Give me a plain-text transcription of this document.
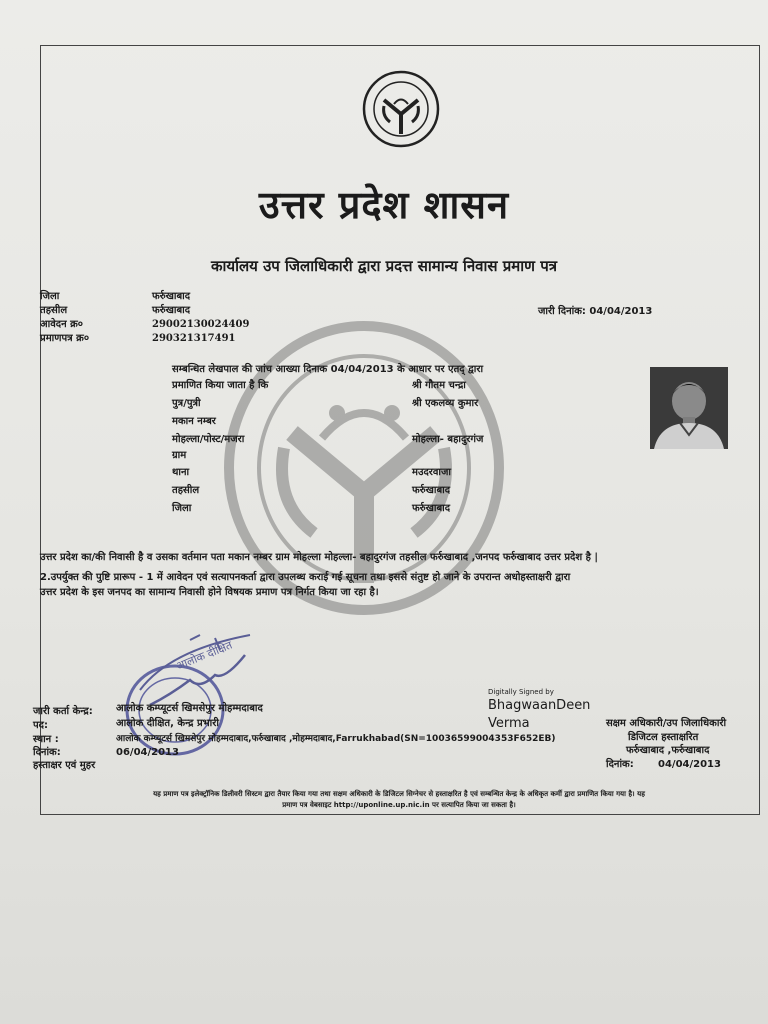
उत्तर प्रदेश शासन
कार्यालय उप जिलाधिकारी द्वारा प्रदत्त सामान्य निवास प्रमाण पत्र
जिला	फर्रुखाबाद
तहसील	फर्रुखाबाद
आवेदन क्र०	29002130024409
प्रमाणपत्र क्र०	290321317491
जारी दिनांक: 04/04/2013
सम्बन्धित लेखपाल की जांच आख्या दिनाक 04/04/2013 के आधार पर एतद् द्वारा
प्रमाणित किया जाता है कि	श्री गौतम चन्द्रा
पुत्र/पुत्री	श्री एकलव्य कुमार
मकान नम्बर
मोहल्ला/पोस्ट/मजरा	मोहल्ला- बहादुरगंज
ग्राम
थाना	मउदरवाजा
तहसील	फर्रुखाबाद
जिला	फर्रुखाबाद
उत्तर प्रदेश का/की निवासी है व उसका वर्तमान पता मकान नम्बर ग्राम मोहल्ला मोहल्ला- बहादुरगंज तहसील फर्रुखाबाद ,जनपद फर्रुखाबाद उत्तर प्रदेश है |
2.उपर्युक्त की पुष्टि प्रारूप - 1 में आवेदन एवं सत्यापनकर्ता द्वारा उपलब्ध कराई गई सूचना तथा इससे संतुष्ट हो जाने के उपरान्त अधोहस्ताक्षरी द्वारा
उत्तर प्रदेश के इस जनपद का सामान्य निवासी होने विषयक प्रमाण पत्र निर्गत किया जा रहा है।
आलोक दीक्षित
जारी कर्ता केन्द्र: आलोक कम्प्यूटर्स खिमसेपुर मोहम्मदाबाद
पद:	आलोक दीक्षित, केन्द्र प्रभारी
स्थान :	आलोक कम्प्यूटर्स खिमसेपुर मोहम्मदाबाद,फर्रुखाबाद ,मोहम्मदाबाद,Farrukhabad(SN=10036599004353F652EB)
दिनांक:	06/04/2013
हस्ताक्षर एवं मुहर
Digitally Signed by
BhagwaanDeen
Verma	सक्षम अधिकारी/उप जिलाधिकारी
डिजिटल हस्ताक्षरित
फर्रुखाबाद ,फर्रुखाबाद
दिनांक: 04/04/2013
यह प्रमाण पत्र इलेक्ट्रॉनिक डिलीवरी सिस्टम द्वारा तैयार किया गया तथा सक्षम अधिकारी के डिजिटल सिग्नेचर से हस्ताक्षरित है एवं सम्बन्धित केन्द्र के अधिकृत कर्मी द्वारा प्रमाणित किया गया है। यह
प्रमाण पत्र वेबसाइट http://uponline.up.nic.in पर सत्यापित किया जा सकता है।
